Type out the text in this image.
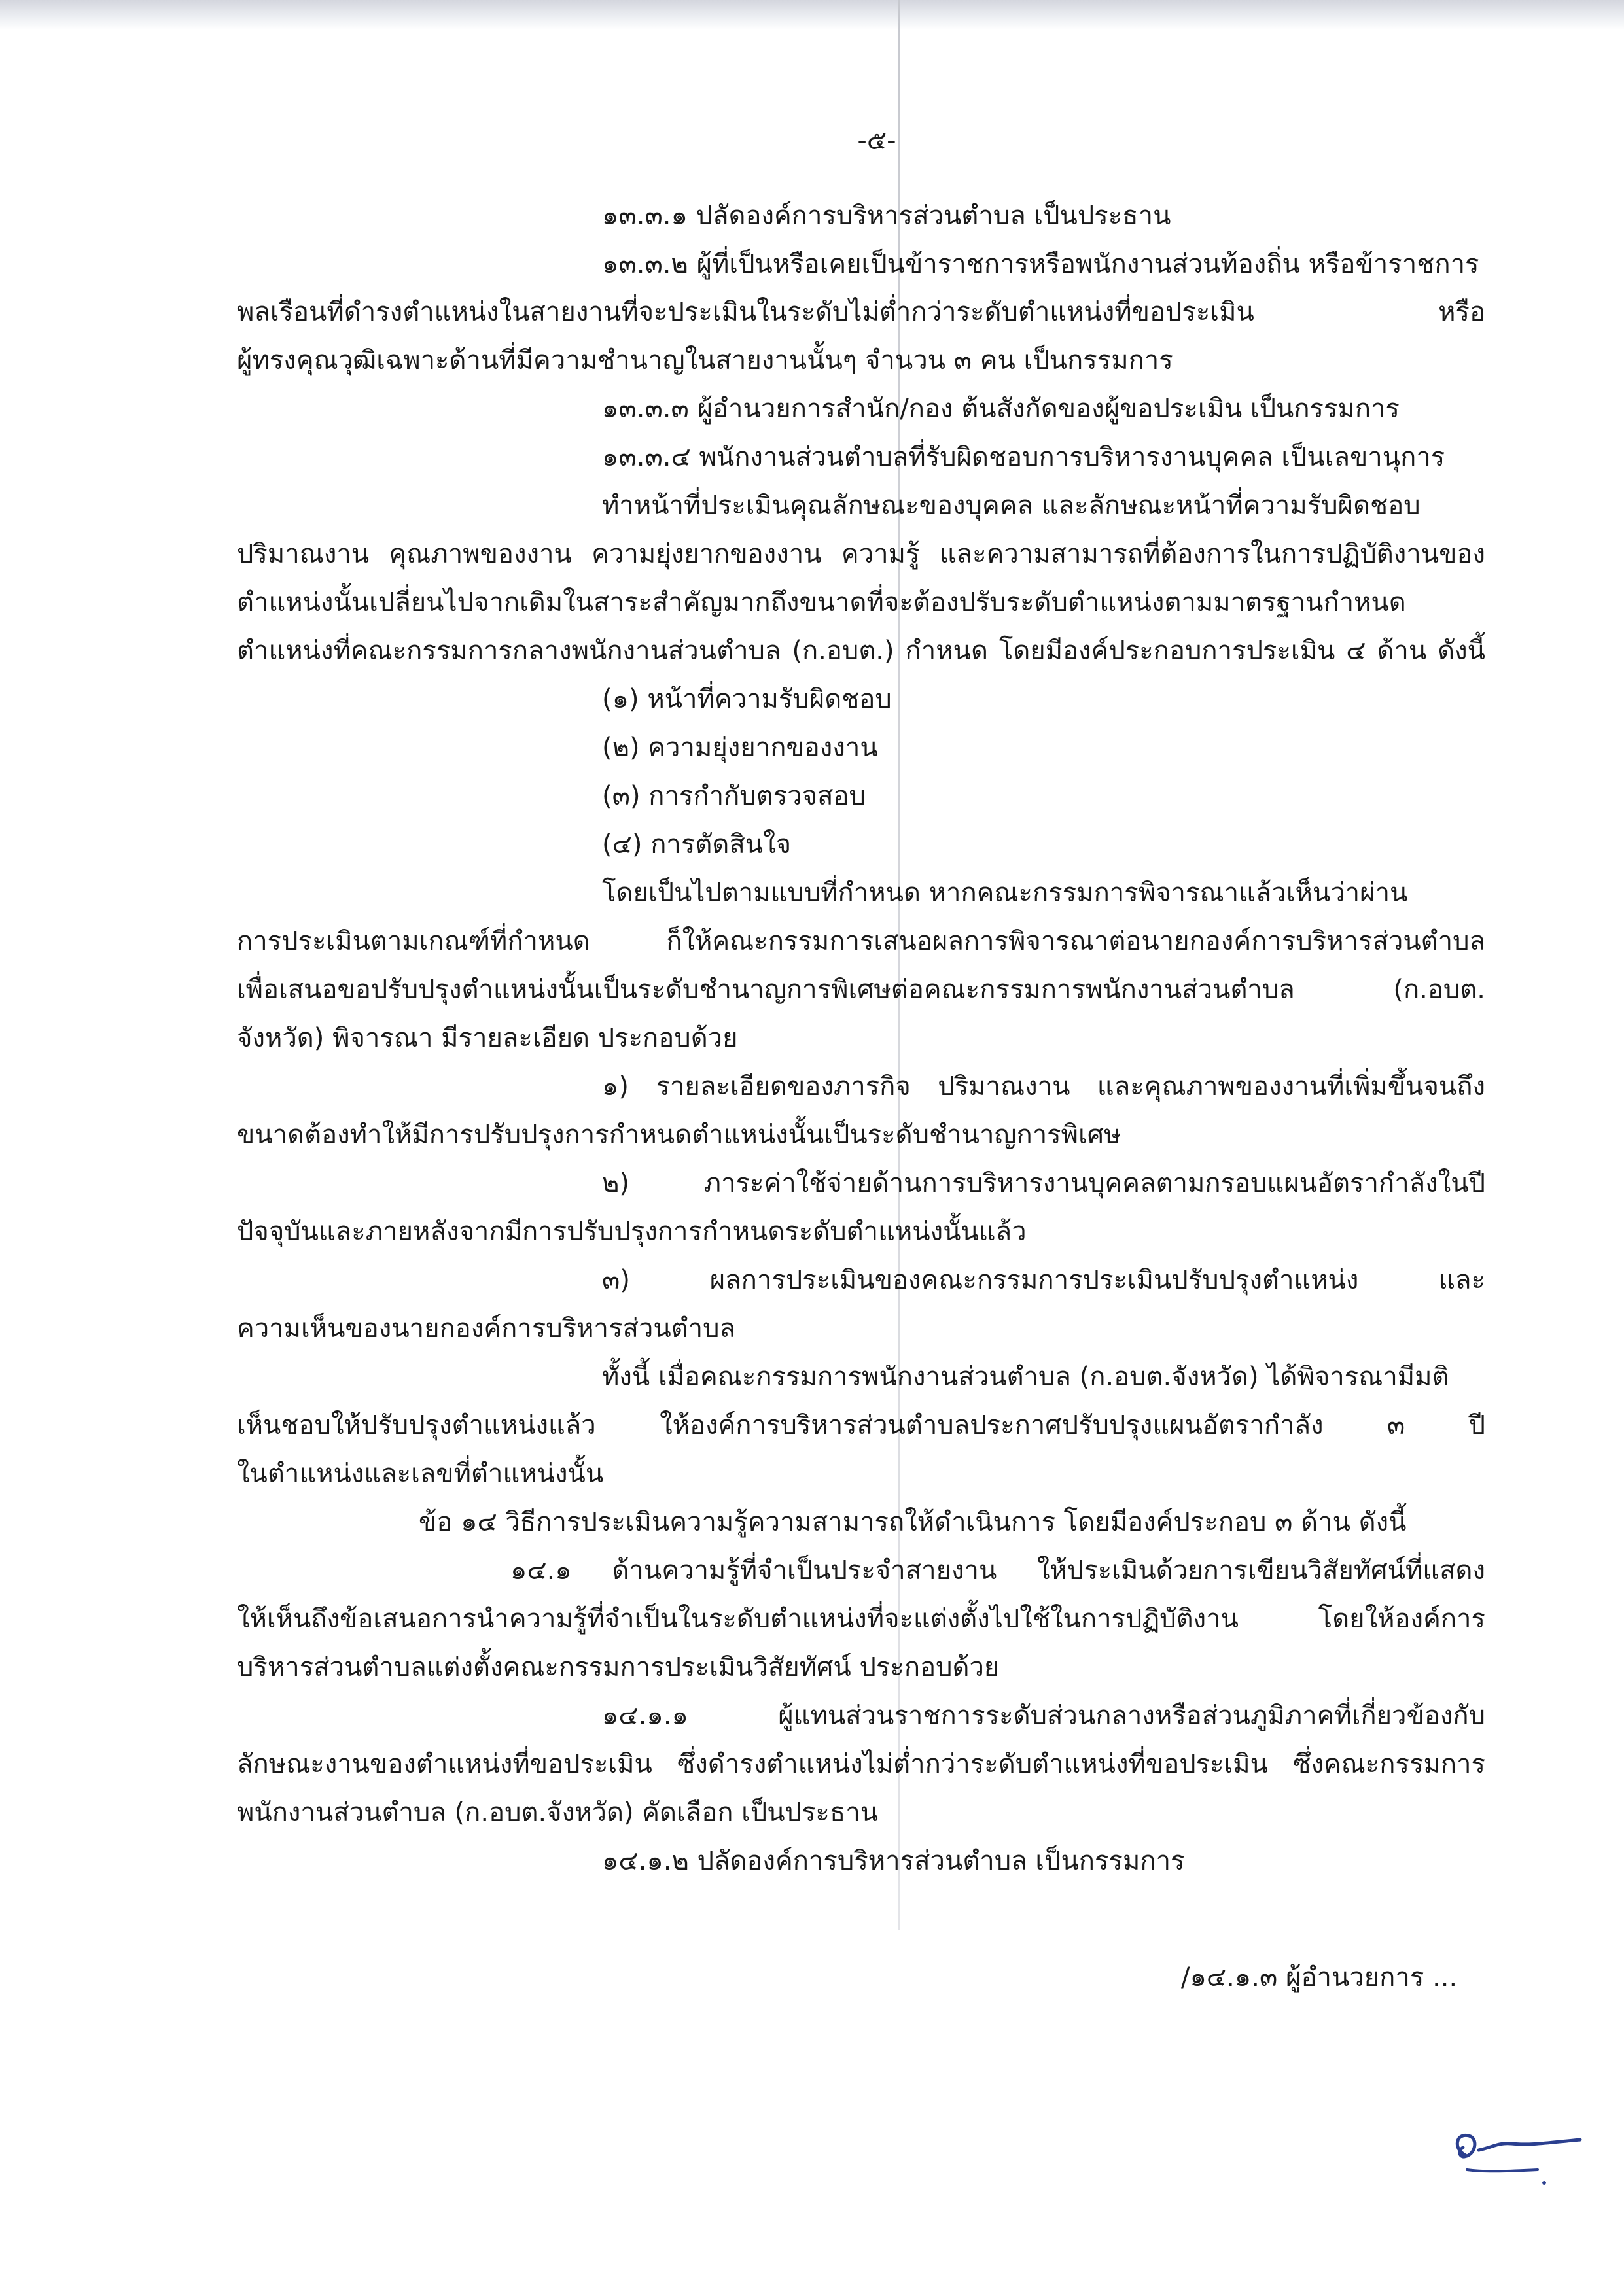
-๕-

๑๓.๓.๑ ปลัดองค์การบริหารส่วนตำบล เป็นประธาน

๑๓.๓.๒ ผู้ที่เป็นหรือเคยเป็นข้าราชการหรือพนักงานส่วนท้องถิ่น หรือข้าราชการ

พลเรือนที่ดำรงตำแหน่งในสายงานที่จะประเมินในระดับไม่ต่ำกว่าระดับตำแหน่งที่ขอประเมิน หรือ

ผู้ทรงคุณวุฒิเฉพาะด้านที่มีความชำนาญในสายงานนั้นๆ จำนวน ๓ คน เป็นกรรมการ

๑๓.๓.๓ ผู้อำนวยการสำนัก/กอง ต้นสังกัดของผู้ขอประเมิน เป็นกรรมการ

๑๓.๓.๔ พนักงานส่วนตำบลที่รับผิดชอบการบริหารงานบุคคล เป็นเลขานุการ

ทำหน้าที่ประเมินคุณลักษณะของบุคคล และลักษณะหน้าที่ความรับผิดชอบ

ปริมาณงาน คุณภาพของงาน ความยุ่งยากของงาน ความรู้ และความสามารถที่ต้องการในการปฏิบัติงานของ

ตำแหน่งนั้นเปลี่ยนไปจากเดิมในสาระสำคัญมากถึงขนาดที่จะต้องปรับระดับตำแหน่งตามมาตรฐานกำหนด

ตำแหน่งที่คณะกรรมการกลางพนักงานส่วนตำบล (ก.อบต.) กำหนด โดยมีองค์ประกอบการประเมิน ๔ ด้าน ดังนี้

(๑) หน้าที่ความรับผิดชอบ

(๒) ความยุ่งยากของงาน

(๓) การกำกับตรวจสอบ

(๔) การตัดสินใจ

โดยเป็นไปตามแบบที่กำหนด หากคณะกรรมการพิจารณาแล้วเห็นว่าผ่าน

การประเมินตามเกณฑ์ที่กำหนด ก็ให้คณะกรรมการเสนอผลการพิจารณาต่อนายกองค์การบริหารส่วนตำบล

เพื่อเสนอขอปรับปรุงตำแหน่งนั้นเป็นระดับชำนาญการพิเศษต่อคณะกรรมการพนักงานส่วนตำบล (ก.อบต.

จังหวัด) พิจารณา มีรายละเอียด ประกอบด้วย

๑) รายละเอียดของภารกิจ ปริมาณงาน และคุณภาพของงานที่เพิ่มขึ้นจนถึง

ขนาดต้องทำให้มีการปรับปรุงการกำหนดตำแหน่งนั้นเป็นระดับชำนาญการพิเศษ

๒) ภาระค่าใช้จ่ายด้านการบริหารงานบุคคลตามกรอบแผนอัตรากำลังในปี

ปัจจุบันและภายหลังจากมีการปรับปรุงการกำหนดระดับตำแหน่งนั้นแล้ว

๓) ผลการประเมินของคณะกรรมการประเมินปรับปรุงตำแหน่ง และ

ความเห็นของนายกองค์การบริหารส่วนตำบล

ทั้งนี้ เมื่อคณะกรรมการพนักงานส่วนตำบล (ก.อบต.จังหวัด) ได้พิจารณามีมติ

เห็นชอบให้ปรับปรุงตำแหน่งแล้ว ให้องค์การบริหารส่วนตำบลประกาศปรับปรุงแผนอัตรากำลัง ๓ ปี

ในตำแหน่งและเลขที่ตำแหน่งนั้น

ข้อ ๑๔ วิธีการประเมินความรู้ความสามารถให้ดำเนินการ โดยมีองค์ประกอบ ๓ ด้าน ดังนี้

๑๔.๑ ด้านความรู้ที่จำเป็นประจำสายงาน ให้ประเมินด้วยการเขียนวิสัยทัศน์ที่แสดง

ให้เห็นถึงข้อเสนอการนำความรู้ที่จำเป็นในระดับตำแหน่งที่จะแต่งตั้งไปใช้ในการปฏิบัติงาน โดยให้องค์การ

บริหารส่วนตำบลแต่งตั้งคณะกรรมการประเมินวิสัยทัศน์ ประกอบด้วย

๑๔.๑.๑ ผู้แทนส่วนราชการระดับส่วนกลางหรือส่วนภูมิภาคที่เกี่ยวข้องกับ

ลักษณะงานของตำแหน่งที่ขอประเมิน ซึ่งดำรงตำแหน่งไม่ต่ำกว่าระดับตำแหน่งที่ขอประเมิน ซึ่งคณะกรรมการ

พนักงานส่วนตำบล (ก.อบต.จังหวัด) คัดเลือก เป็นประธาน

๑๔.๑.๒ ปลัดองค์การบริหารส่วนตำบล เป็นกรรมการ

/๑๔.๑.๓ ผู้อำนวยการ ...
